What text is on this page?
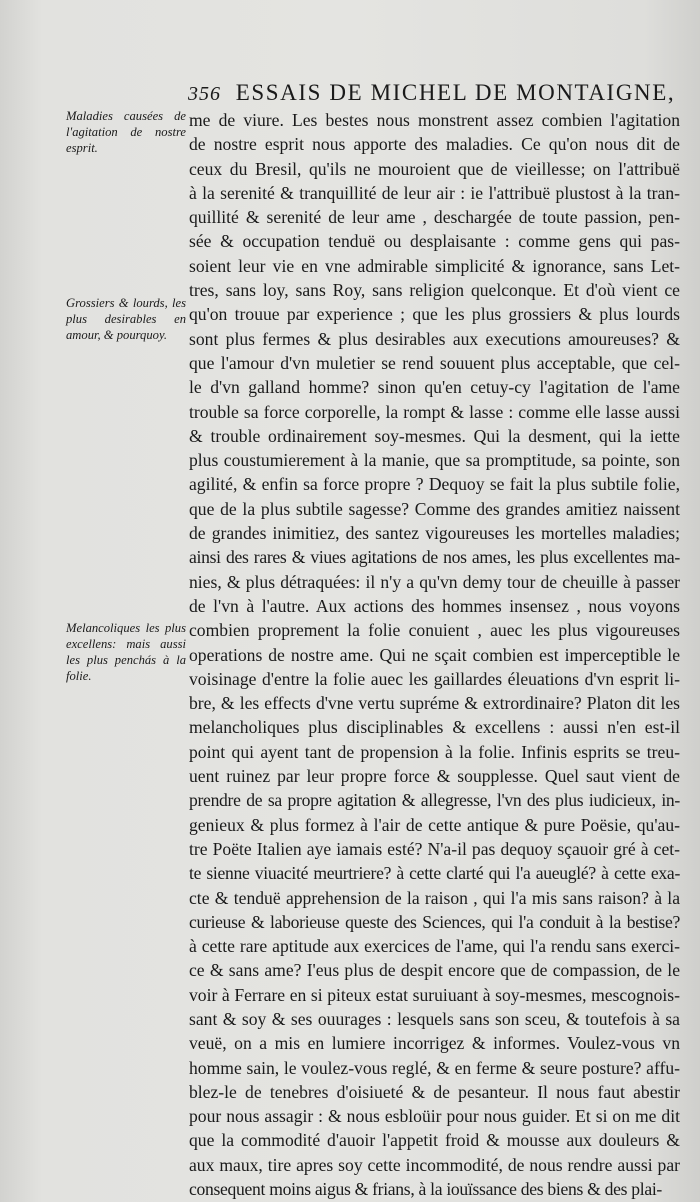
356 ESSAIS DE MICHEL DE MONTAIGNE,
Maladies causées de l'agitation de nostre esprit.
Grossiers & lourds, les plus desirables en amour, & pourquoy.
Melancoliques les plus excellens: mais aussi les plus penchás à la folie.
me de viure. Les bestes nous monstrent assez combien l'agitation
de nostre esprit nous apporte des maladies. Ce qu'on nous dit de
ceux du Bresil, qu'ils ne mouroient que de vieillesse; on l'attribuë
à la serenité & tranquillité de leur air : ie l'attribuë plustost à la tran-
quillité & serenité de leur ame , deschargée de toute passion, pen-
sée & occupation tenduë ou desplaisante : comme gens qui pas-
soient leur vie en vne admirable simplicité & ignorance, sans Let-
tres, sans loy, sans Roy, sans religion quelconque. Et d'où vient ce
qu'on trouue par experience ; que les plus grossiers & plus lourds
sont plus fermes & plus desirables aux executions amoureuses? &
que l'amour d'vn muletier se rend souuent plus acceptable, que cel-
le d'vn galland homme? sinon qu'en cetuy-cy l'agitation de l'ame
trouble sa force corporelle, la rompt & lasse : comme elle lasse aussi
& trouble ordinairement soy-mesmes. Qui la desment, qui la iette
plus coustumierement à la manie, que sa promptitude, sa pointe, son
agilité, & enfin sa force propre ? Dequoy se fait la plus subtile folie,
que de la plus subtile sagesse? Comme des grandes amitiez naissent
de grandes inimitiez, des santez vigoureuses les mortelles maladies;
ainsi des rares & viues agitations de nos ames, les plus excellentes ma-
nies, & plus détraquées: il n'y a qu'vn demy tour de cheuille à passer
de l'vn à l'autre. Aux actions des hommes insensez , nous voyons
combien proprement la folie conuient , auec les plus vigoureuses
operations de nostre ame. Qui ne sçait combien est imperceptible le
voisinage d'entre la folie auec les gaillardes éleuations d'vn esprit li-
bre, & les effects d'vne vertu supréme & extrordinaire? Platon dit les
melancholiques plus disciplinables & excellens : aussi n'en est-il
point qui ayent tant de propension à la folie. Infinis esprits se treu-
uent ruinez par leur propre force & soupplesse. Quel saut vient de
prendre de sa propre agitation & allegresse, l'vn des plus iudicieux, in-
genieux & plus formez à l'air de cette antique & pure Poësie, qu'au-
tre Poëte Italien aye iamais esté? N'a-il pas dequoy sçauoir gré à cet-
te sienne viuacité meurtriere? à cette clarté qui l'a aueuglé? à cette exa-
cte & tenduë apprehension de la raison , qui l'a mis sans raison? à la
curieuse & laborieuse queste des Sciences, qui l'a conduit à la bestise?
à cette rare aptitude aux exercices de l'ame, qui l'a rendu sans exerci-
ce & sans ame? I'eus plus de despit encore que de compassion, de le
voir à Ferrare en si piteux estat suruiuant à soy-mesmes, mescognois-
sant & soy & ses ouurages : lesquels sans son sceu, & toutefois à sa
veuë, on a mis en lumiere incorrigez & informes. Voulez-vous vn
homme sain, le voulez-vous reglé, & en ferme & seure posture? affu-
blez-le de tenebres d'oisiueté & de pesanteur. Il nous faut abestir
pour nous assagir : & nous esbloüir pour nous guider. Et si on me dit
que la commodité d'auoir l'appetit froid & mousse aux douleurs &
aux maux, tire apres soy cette incommodité, de nous rendre aussi par
consequent moins aigus & frians, à la iouïssance des biens & des plai-
